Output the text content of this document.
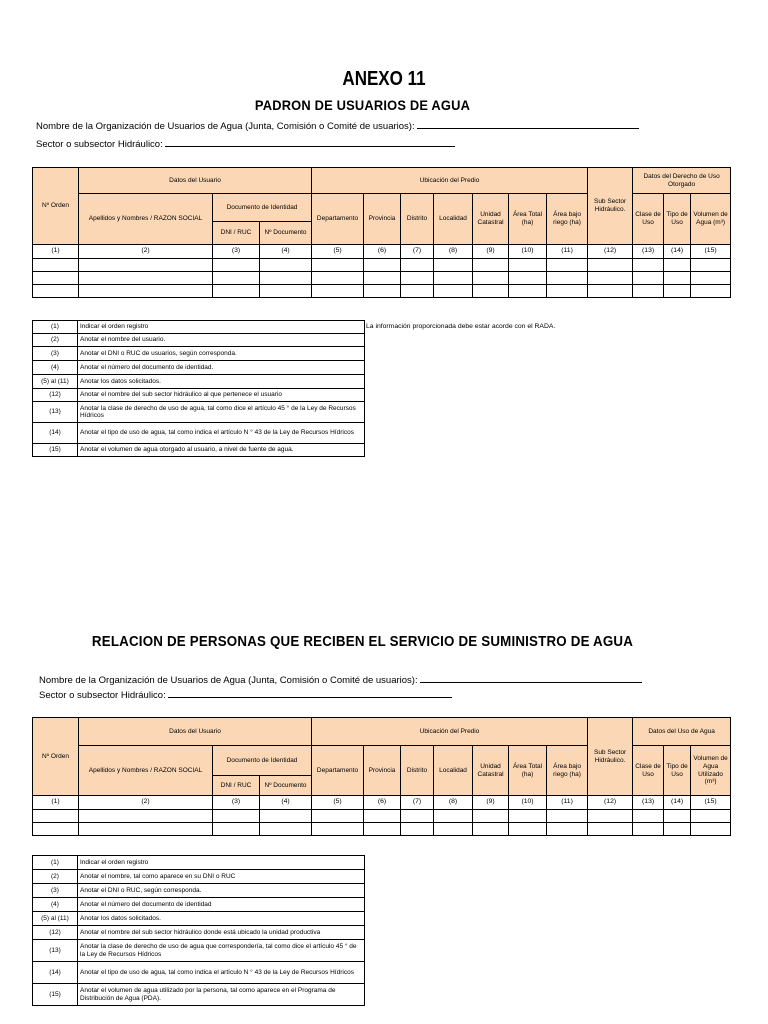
ANEXO 11
PADRON DE USUARIOS DE AGUA
Nombre de la Organización de Usuarios de Agua (Junta, Comisión o Comité de usuarios):
Sector o subsector Hidráulico:
Nº Orden	Datos del Usuario			Ubicación del Predio							Sub Sector Hidráulico.	Datos del Derecho de Uso Otorgado		
	Apellidos y Nombres / RAZON SOCIAL	Documento de Identidad		Departamento	Provincia	Distrito	Localidad	Unidad Catastral	Área Total (ha)	Área bajo riego (ha)		Clase de Uso	Tipo de Uso	Volumen de Agua (m³)
		DNI / RUC	Nº Documento											
(1)	(2)	(3)	(4)	(5)	(6)	(7)	(8)	(9)	(10)	(11)	(12)	(13)	(14)	(15)

(1)	Indicar el orden registro
(2)	Anotar el nombre del usuario.
(3)	Anotar el DNI o RUC de usuarios, según corresponda.
(4)	Anotar el número del documento de identidad.
(5) al (11)	Anotar los datos solicitados.
(12)	Anotar el nombre del sub sector hidráulico al que pertenece el usuario
(13)	Anotar la clase de derecho de uso de agua, tal como dice el artículo 45 ° de la Ley de Recursos Hídricos
(14)	Anotar el tipo de uso de agua, tal como indica el artículo N ° 43 de la Ley de Recursos Hídricos
(15)	Anotar el volumen de agua otorgado al usuario, a nivel de fuente de agua.
La información proporcionada debe estar acorde con el RADA.
RELACION DE PERSONAS QUE RECIBEN EL SERVICIO DE SUMINISTRO DE AGUA
Nombre de la Organización de Usuarios de Agua (Junta, Comisión o Comité de usuarios):
Sector o subsector Hidráulico:
Nº Orden	Datos del Usuario			Ubicación del Predio							Sub Sector Hidráulico.	Datos del Uso de Agua		
	Apellidos y Nombres / RAZON SOCIAL	Documento de Identidad		Departamento	Provincia	Distrito	Localidad	Unidad Catastral	Área Total (ha)	Área bajo riego (ha)		Clase de Uso	Tipo de Uso	Volumen de Agua Utilizado (m³)
		DNI / RUC	Nº Documento											
(1)	(2)	(3)	(4)	(5)	(6)	(7)	(8)	(9)	(10)	(11)	(12)	(13)	(14)	(15)

(1)	Indicar el orden registro
(2)	Anotar el nombre, tal como aparece en su DNI o RUC
(3)	Anotar el DNI o RUC, según corresponda.
(4)	Anotar el número del documento de identidad
(5) al (11)	Anotar los datos solicitados.
(12)	Anotar el nombre del sub sector hidráulico donde está ubicado la unidad productiva
(13)	Anotar la clase de derecho de uso de agua que correspondería, tal como dice el artículo 45 ° de la Ley de Recursos Hídricos
(14)	Anotar el tipo de uso de agua, tal como indica el artículo N ° 43 de la Ley de Recursos Hídricos
(15)	Anotar el volumen de agua utilizado por la persona, tal como aparece en el Programa de Distribución de Agua (PDA).
